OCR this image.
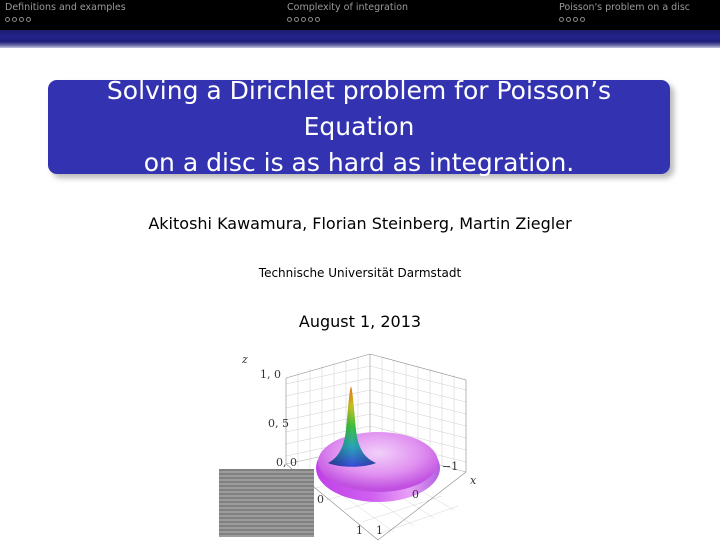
Definitions and examples	Complexity of integration	Poisson's problem on a disc
Solving a Dirichlet problem for Poisson’s Equation
on a disc is as hard as integration.
Akitoshi Kawamura, Florian Steinberg, Martin Ziegler
Technische Universität Darmstadt
August 1, 2013
z
x
1, 0
0, 5
0, 0	−1
0
0
1 1
